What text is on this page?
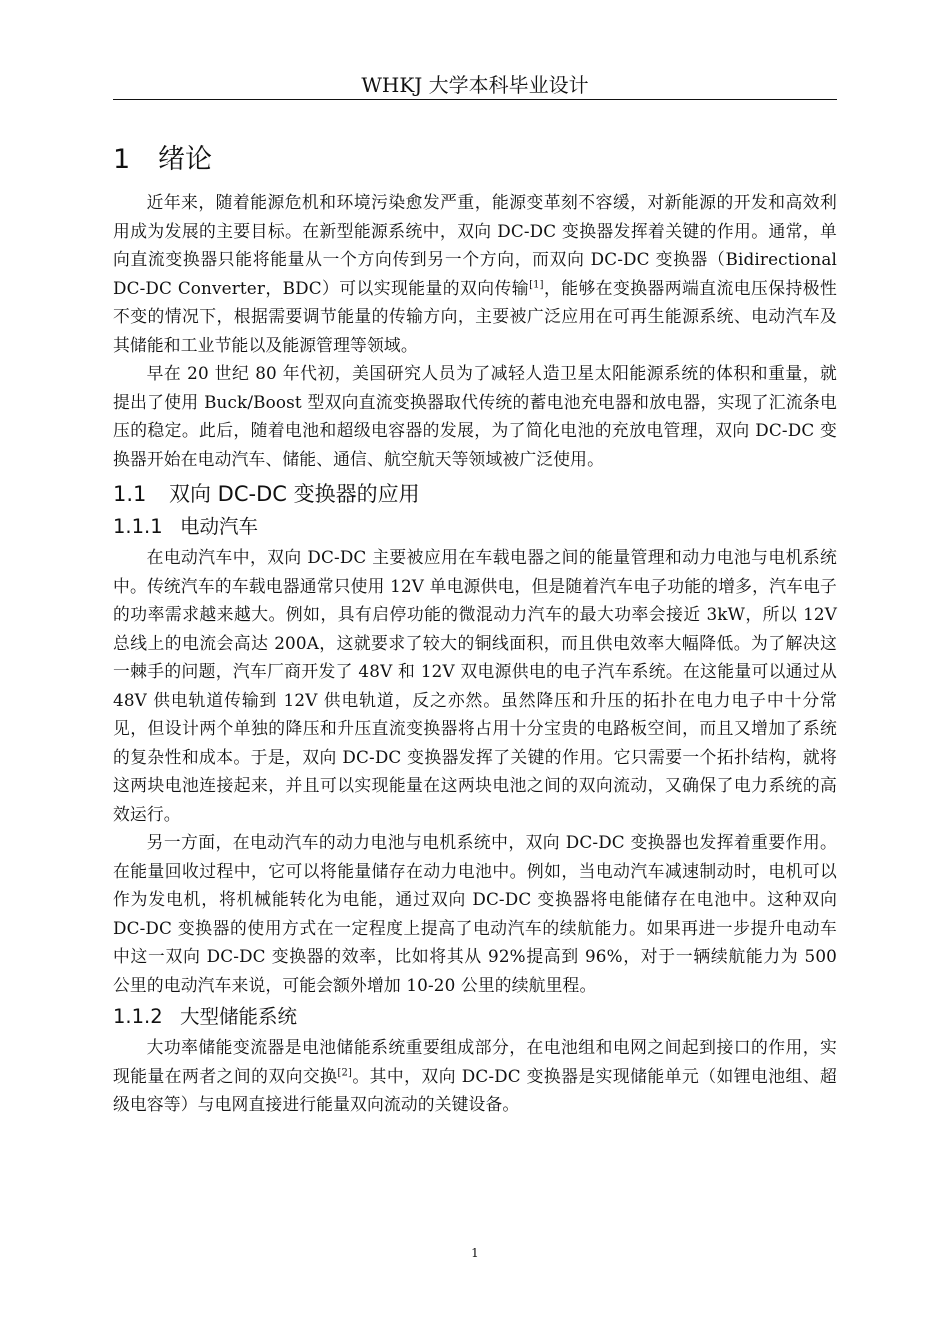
WHKJ 大学本科毕业设计
1 绪论

近年来，随着能源危机和环境污染愈发严重，能源变革刻不容缓，对新能源的开发和高效利用成为发展的主要目标。在新型能源系统中，双向 DC-DC 变换器发挥着关键的作用。通常，单向直流变换器只能将能量从一个方向传到另一个方向，而双向 DC-DC 变换器（Bidirectional DC-DC Converter，BDC）可以实现能量的双向传输[1]，能够在变换器两端直流电压保持极性不变的情况下，根据需要调节能量的传输方向，主要被广泛应用在可再生能源系统、电动汽车及其储能和工业节能以及能源管理等领域。

早在 20 世纪 80 年代初，美国研究人员为了减轻人造卫星太阳能源系统的体积和重量，就提出了使用 Buck/Boost 型双向直流变换器取代传统的蓄电池充电器和放电器，实现了汇流条电压的稳定。此后，随着电池和超级电容器的发展，为了简化电池的充放电管理，双向 DC-DC 变换器开始在电动汽车、储能、通信、航空航天等领域被广泛使用。

1.1 双向 DC-DC 变换器的应用
1.1.1 电动汽车

在电动汽车中，双向 DC-DC 主要被应用在车载电器之间的能量管理和动力电池与电机系统中。传统汽车的车载电器通常只使用 12V 单电源供电，但是随着汽车电子功能的增多，汽车电子的功率需求越来越大。例如，具有启停功能的微混动力汽车的最大功率会接近 3kW，所以 12V 总线上的电流会高达 200A，这就要求了较大的铜线面积，而且供电效率大幅降低。为了解决这一棘手的问题，汽车厂商开发了 48V 和 12V 双电源供电的电子汽车系统。在这能量可以通过从 48V 供电轨道传输到 12V 供电轨道，反之亦然。虽然降压和升压的拓扑在电力电子中十分常见，但设计两个单独的降压和升压直流变换器将占用十分宝贵的电路板空间，而且又增加了系统的复杂性和成本。于是，双向 DC-DC 变换器发挥了关键的作用。它只需要一个拓扑结构，就将这两块电池连接起来，并且可以实现能量在这两块电池之间的双向流动，又确保了电力系统的高效运行。

另一方面，在电动汽车的动力电池与电机系统中，双向 DC-DC 变换器也发挥着重要作用。在能量回收过程中，它可以将能量储存在动力电池中。例如，当电动汽车减速制动时，电机可以作为发电机，将机械能转化为电能，通过双向 DC-DC 变换器将电能储存在电池中。这种双向 DC-DC 变换器的使用方式在一定程度上提高了电动汽车的续航能力。如果再进一步提升电动车中这一双向 DC-DC 变换器的效率，比如将其从 92%提高到 96%，对于一辆续航能力为 500 公里的电动汽车来说，可能会额外增加 10-20 公里的续航里程。

1.1.2 大型储能系统

大功率储能变流器是电池储能系统重要组成部分，在电池组和电网之间起到接口的作用，实现能量在两者之间的双向交换[2]。其中，双向 DC-DC 变换器是实现储能单元（如锂电池组、超级电容等）与电网直接进行能量双向流动的关键设备。

1
